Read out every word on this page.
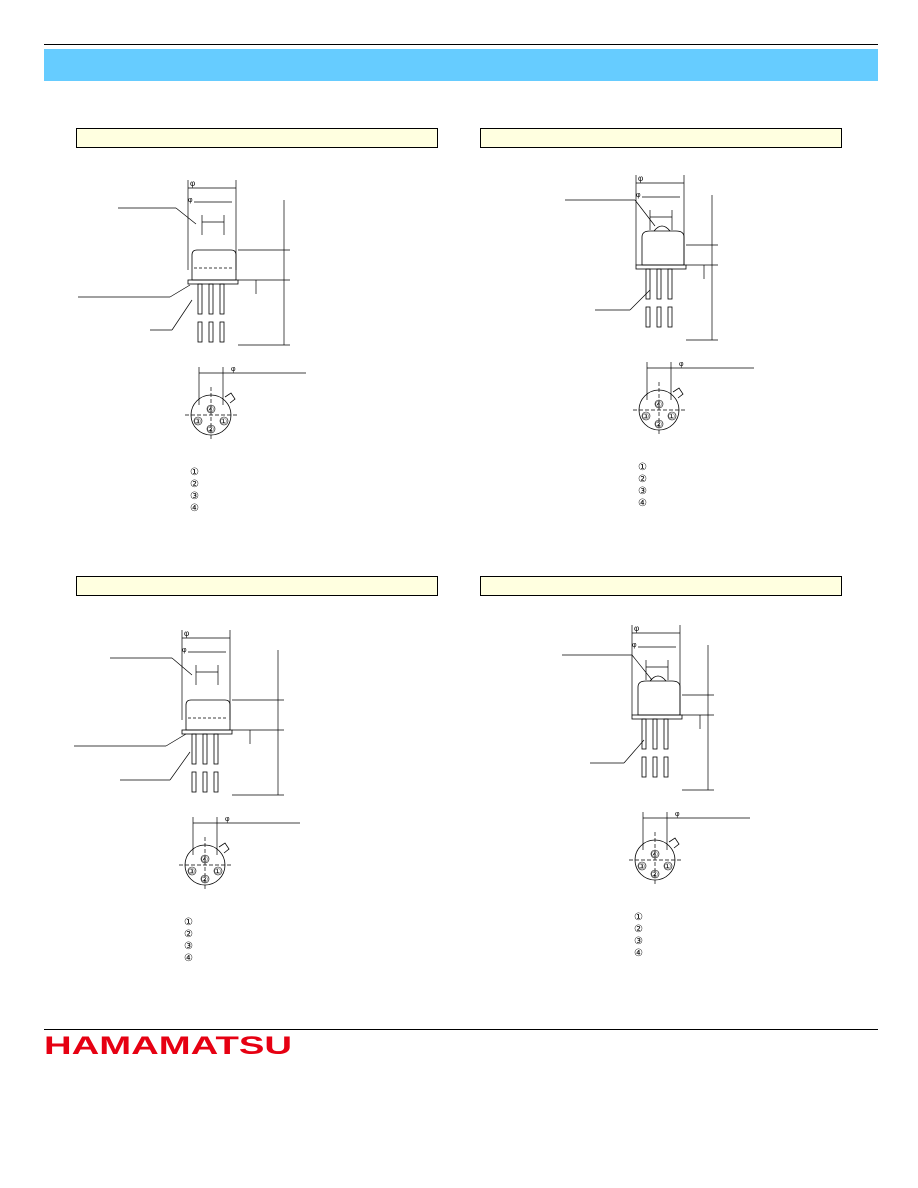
φ
φ
φ
①
②
③
④
①
②
③
④
φ
φ
φ
①
②
③
④
①
②
③
④
φ
φ
φ
①
②
③
④
①
②
③
④
φ
φ
φ
①
②
③
④
①
②
③
④
HAMAMATSU
